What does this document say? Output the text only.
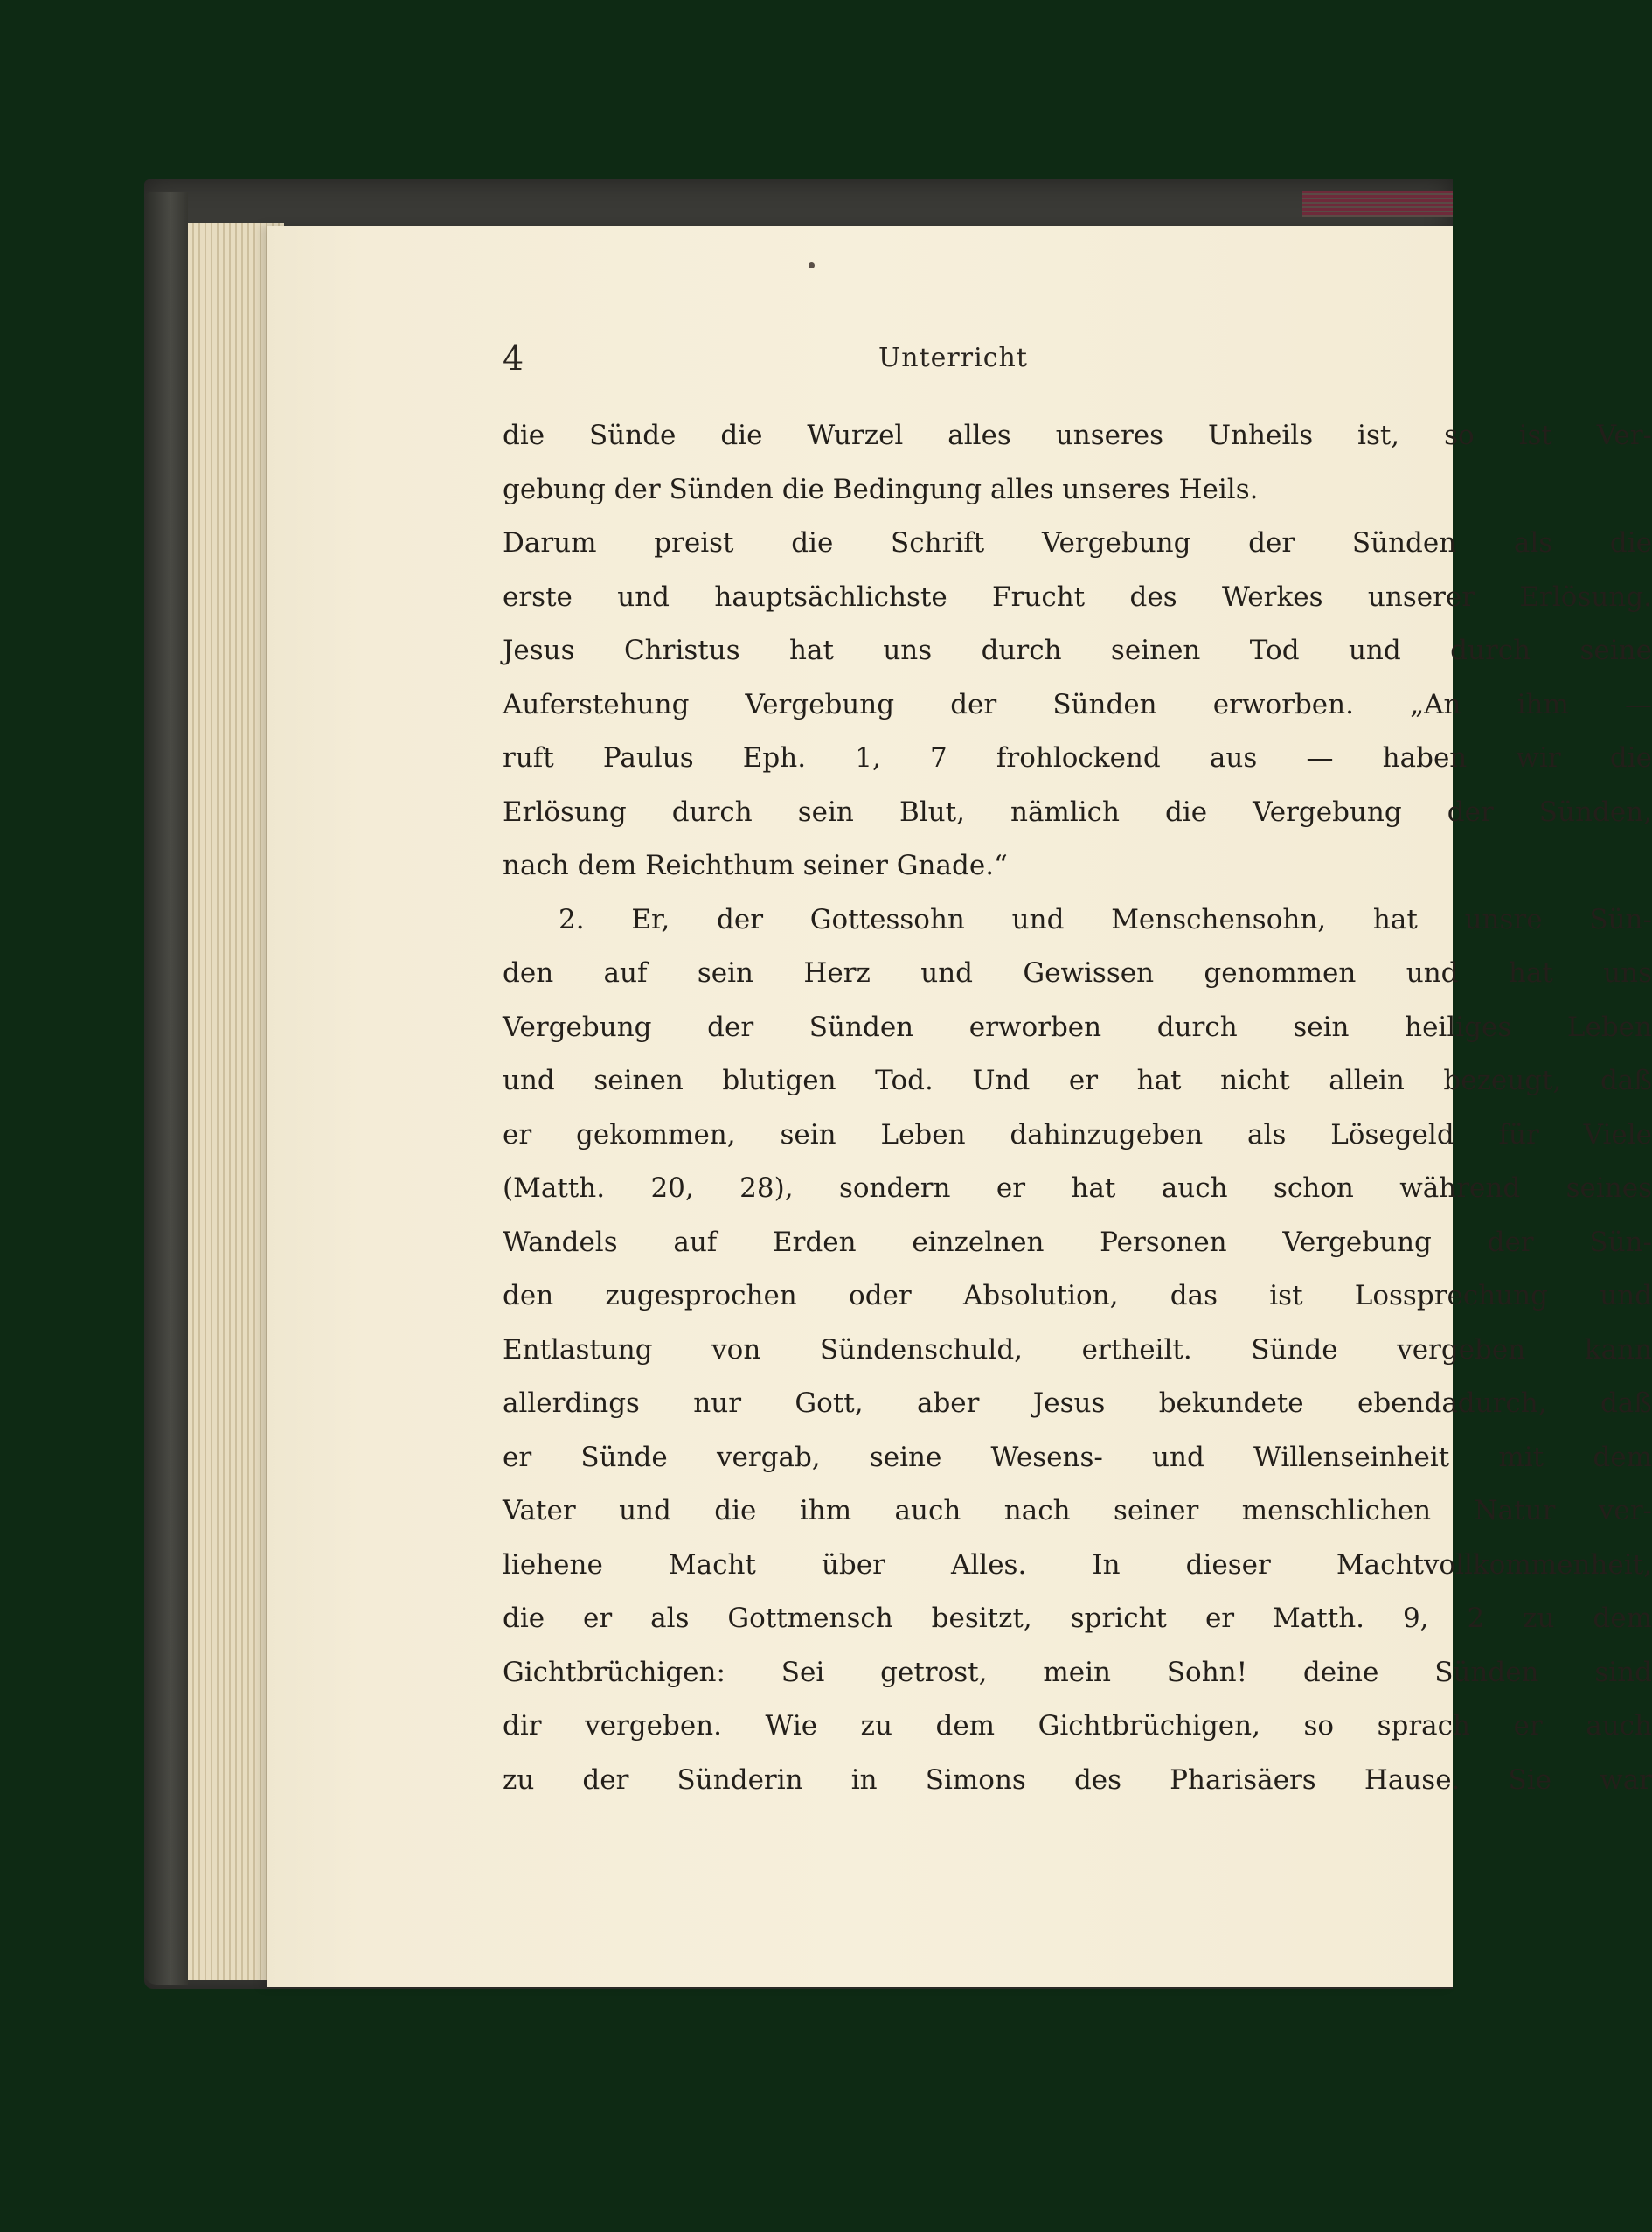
4	Unterricht
die Sünde die Wurzel alles unseres Unheils ist, so ist Ver-
gebung der Sünden die Bedingung alles unseres Heils.
Darum preist die Schrift Vergebung der Sünden als die
erste und hauptsächlichste Frucht des Werkes unserer Erlösung.
Jesus Christus hat uns durch seinen Tod und durch seine
Auferstehung Vergebung der Sünden erworben. „An ihm —
ruft Paulus Eph. 1, 7 frohlockend aus — haben wir die
Erlösung durch sein Blut, nämlich die Vergebung der Sünden,
nach dem Reichthum seiner Gnade.“
2. Er, der Gottessohn und Menschensohn, hat unsre Sün-
den auf sein Herz und Gewissen genommen und hat uns
Vergebung der Sünden erworben durch sein heiliges Leben
und seinen blutigen Tod. Und er hat nicht allein bezeugt, daß
er gekommen, sein Leben dahinzugeben als Lösegeld für Viele
(Matth. 20, 28), sondern er hat auch schon während seines
Wandels auf Erden einzelnen Personen Vergebung der Sün-
den zugesprochen oder Absolution, das ist Lossprechung und
Entlastung von Sündenschuld, ertheilt. Sünde vergeben kann
allerdings nur Gott, aber Jesus bekundete ebendadurch, daß
er Sünde vergab, seine Wesens- und Willenseinheit mit dem
Vater und die ihm auch nach seiner menschlichen Natur ver-
liehene Macht über Alles. In dieser Machtvollkommenheit,
die er als Gottmensch besitzt, spricht er Matth. 9, 2 zu dem
Gichtbrüchigen: Sei getrost, mein Sohn! deine Sünden sind
dir vergeben. Wie zu dem Gichtbrüchigen, so sprach er auch
zu der Sünderin in Simons des Pharisäers Hause. Sie war
